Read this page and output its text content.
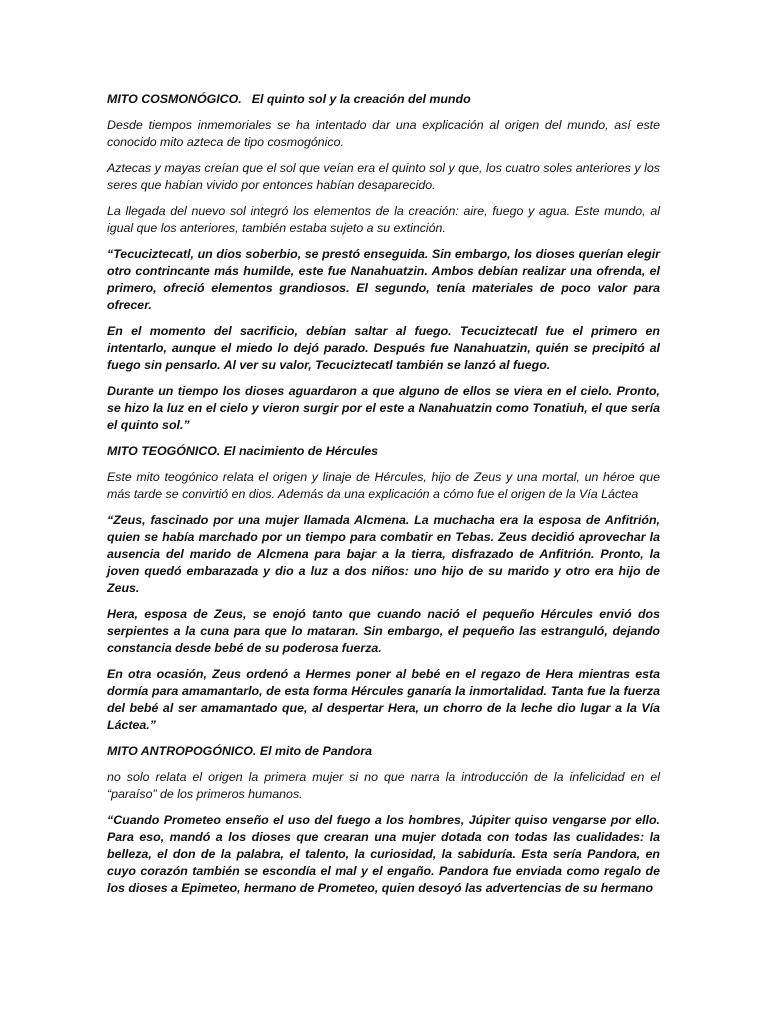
MITO COSMONÓGICO. El quinto sol y la creación del mundo

Desde tiempos inmemoriales se ha intentado dar una explicación al origen del mundo, así este conocido mito azteca de tipo cosmogónico.

Aztecas y mayas creían que el sol que veían era el quinto sol y que, los cuatro soles anteriores y los seres que habían vivido por entonces habían desaparecido.

La llegada del nuevo sol integró los elementos de la creación: aire, fuego y agua. Este mundo, al igual que los anteriores, también estaba sujeto a su extinción.

“Tecuciztecatl, un dios soberbio, se prestó enseguida. Sin embargo, los dioses querían elegir otro contrincante más humilde, este fue Nanahuatzin. Ambos debían realizar una ofrenda, el primero, ofreció elementos grandiosos. El segundo, tenía materiales de poco valor para ofrecer.

En el momento del sacrificio, debían saltar al fuego. Tecuciztecatl fue el primero en intentarlo, aunque el miedo lo dejó parado. Después fue Nanahuatzin, quién se precipitó al fuego sin pensarlo. Al ver su valor, Tecuciztecatl también se lanzó al fuego.

Durante un tiempo los dioses aguardaron a que alguno de ellos se viera en el cielo. Pronto, se hizo la luz en el cielo y vieron surgir por el este a Nanahuatzin como Tonatiuh, el que sería el quinto sol.”

MITO TEOGÓNICO. El nacimiento de Hércules

Este mito teogónico relata el origen y linaje de Hércules, hijo de Zeus y una mortal, un héroe que más tarde se convirtió en dios. Además da una explicación a cómo fue el origen de la Vía Láctea

“Zeus, fascinado por una mujer llamada Alcmena. La muchacha era la esposa de Anfitrión, quien se había marchado por un tiempo para combatir en Tebas. Zeus decidió aprovechar la ausencia del marido de Alcmena para bajar a la tierra, disfrazado de Anfitrión. Pronto, la joven quedó embarazada y dio a luz a dos niños: uno hijo de su marido y otro era hijo de Zeus.

Hera, esposa de Zeus, se enojó tanto que cuando nació el pequeño Hércules envió dos serpientes a la cuna para que lo mataran. Sin embargo, el pequeño las estranguló, dejando constancia desde bebé de su poderosa fuerza.

En otra ocasión, Zeus ordenó a Hermes poner al bebé en el regazo de Hera mientras esta dormía para amamantarlo, de esta forma Hércules ganaría la inmortalidad. Tanta fue la fuerza del bebé al ser amamantado que, al despertar Hera, un chorro de la leche dio lugar a la Vía Láctea.”

MITO ANTROPOGÓNICO. El mito de Pandora

no solo relata el origen la primera mujer si no que narra la introducción de la infelicidad en el “paraíso” de los primeros humanos.

“Cuando Prometeo enseño el uso del fuego a los hombres, Júpiter quiso vengarse por ello. Para eso, mandó a los dioses que crearan una mujer dotada con todas las cualidades: la belleza, el don de la palabra, el talento, la curiosidad, la sabiduría. Esta sería Pandora, en cuyo corazón también se escondía el mal y el engaño. Pandora fue enviada como regalo de los dioses a Epimeteo, hermano de Prometeo, quien desoyó las advertencias de su hermano
